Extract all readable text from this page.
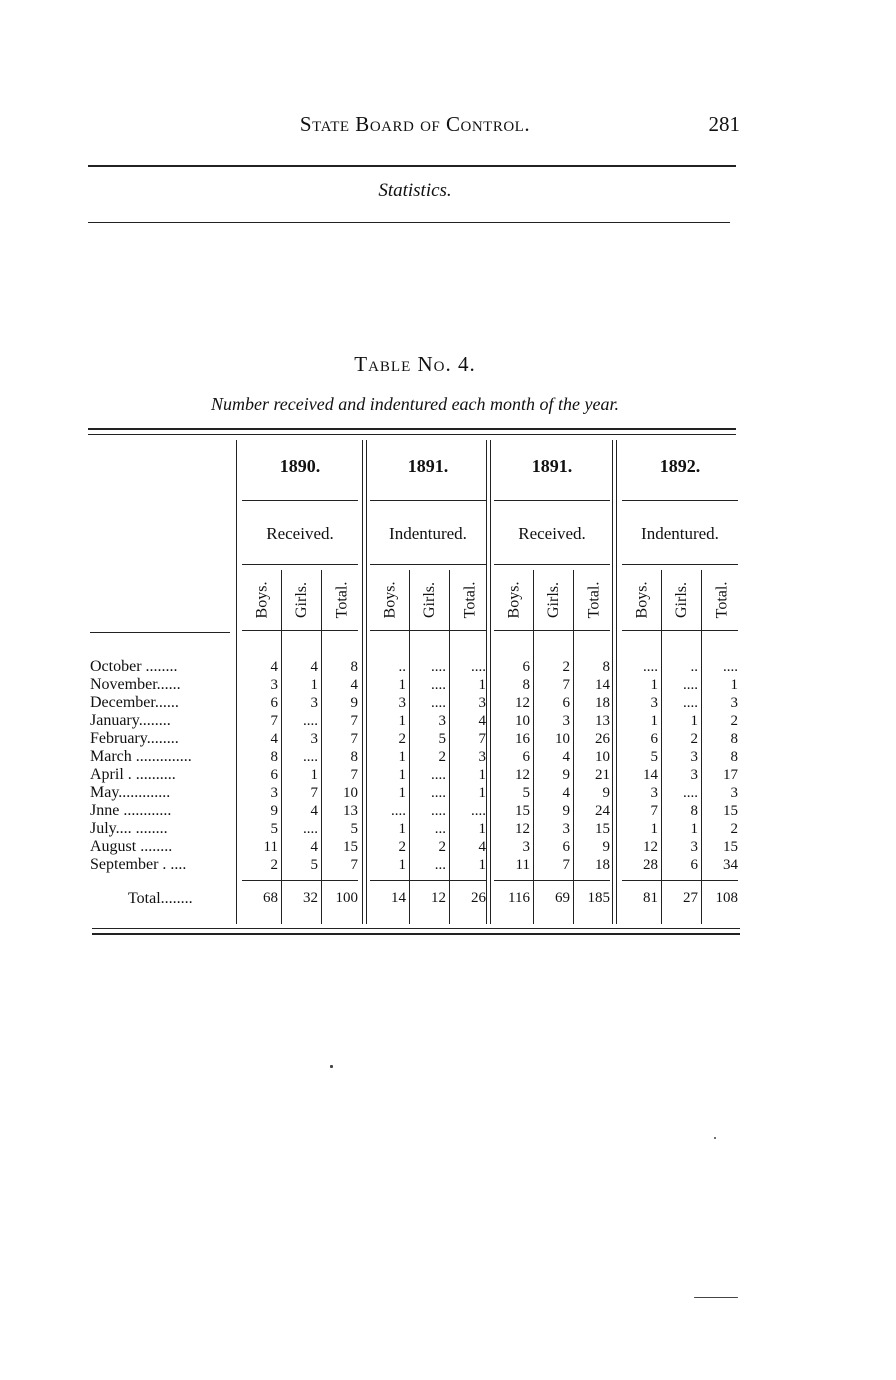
State Board of Control.	281
Statistics.
Table No. 4.
Number received and indentured each month of the year.
1890.
Received.
Boys. Girls. Total.
1891.
Indentured.
Boys. Girls. Total.
1891.
Received.
Boys. Girls. Total.
1892.
Indentured.
Boys. Girls. Total.
October ........	4	4	8	..	....	....	6	2	8	....	..	....
November......	3	1	4	1	....	1	8	7	14	1	....	1
December......	6	3	9	3	....	3	12	6	18	3	....	3
January........	7	....	7	1	3	4	10	3	13	1	1	2
February........	4	3	7	2	5	7	16	10	26	6	2	8
March ..............	8	....	8	1	2	3	6	4	10	5	3	8
April . ..........	6	1	7	1	....	1	12	9	21	14	3	17
May.............	3	7	10	1	....	1	5	4	9	3	....	3
Jnne ............	9	4	13	....	....	....	15	9	24	7	8	15
July.... ........	5	....	5	1	...	1	12	3	15	1	1	2
August ........	11	4	15	2	2	4	3	6	9	12	3	15
September . ....	2	5	7	1	...	1	11	7	18	28	6	34
Total........	68	32	100	14	12	26	116	69	185	81	27	108
